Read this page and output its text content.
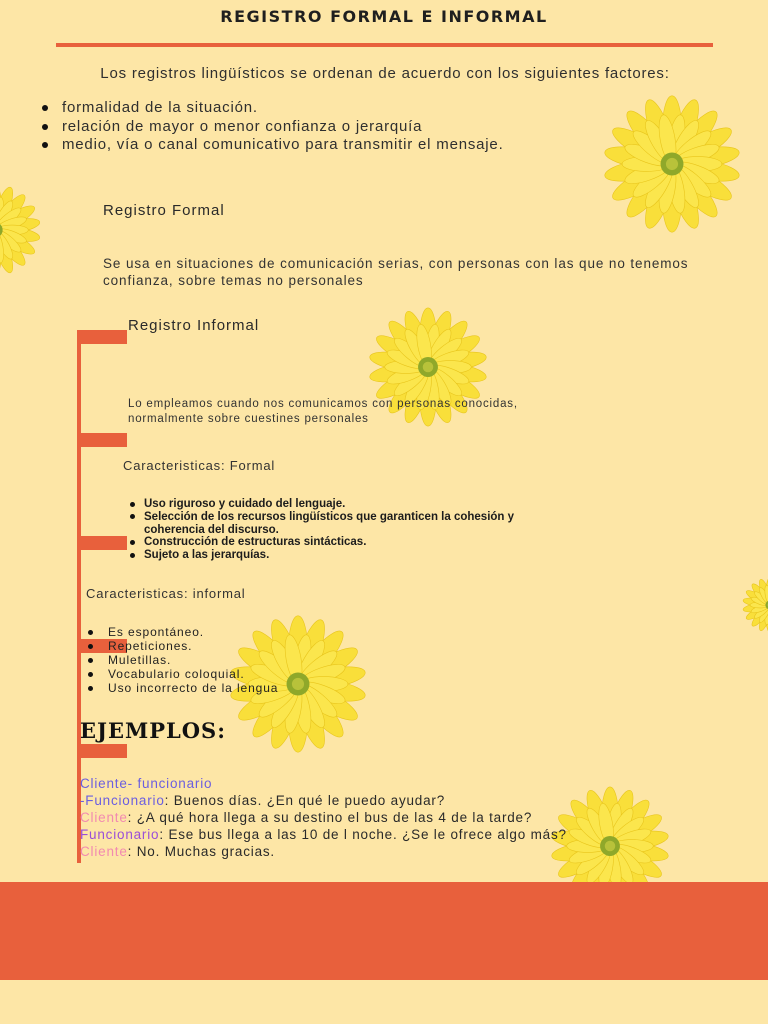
REGISTRO FORMAL E INFORMAL
Los registros lingüísticos se ordenan de acuerdo con los siguientes factores:
formalidad de la situación.
relación de mayor o menor confianza o jerarquía
medio, vía o canal comunicativo para transmitir el mensaje.
Registro Formal
Se usa en situaciones de comunicación serias, con personas con las que no tenemos confianza, sobre temas no personales
Registro Informal
Lo empleamos cuando nos comunicamos con personas conocidas, normalmente sobre cuestines personales
Caracteristicas: Formal
Uso riguroso y cuidado del lenguaje.
Selección de los recursos lingüísticos que garanticen la cohesión y coherencia del discurso.
Construcción de estructuras sintácticas.
Sujeto a las jerarquías.
Caracteristicas: informal
Es espontáneo.
Repeticiones.
Muletillas.
Vocabulario coloquial.
Uso incorrecto de la lengua
EJEMPLOS:
Cliente- funcionario
-Funcionario: Buenos días. ¿En qué le puedo ayudar?
Cliente: ¿A qué hora llega a su destino el bus de las 4 de la tarde?
Funcionario: Ese bus llega a las 10 de l noche. ¿Se le ofrece algo más?
Cliente: No. Muchas gracias.
